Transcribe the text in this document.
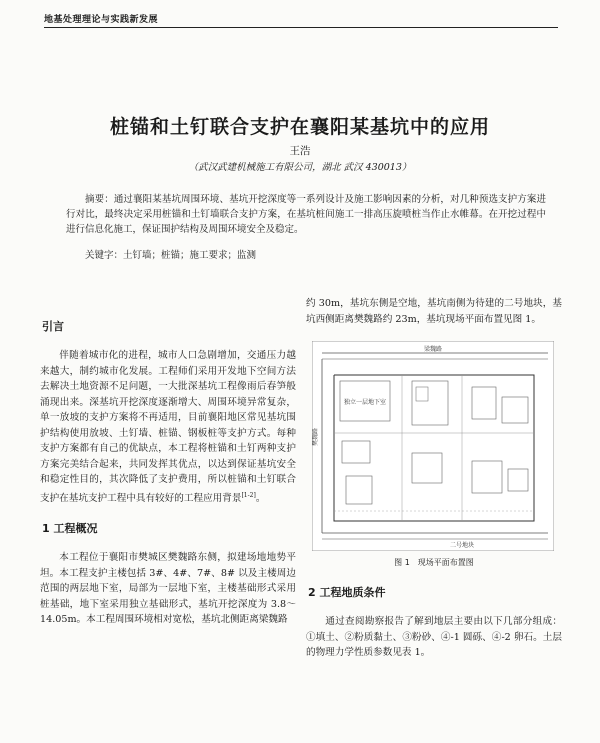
地基处理理论与实践新发展
桩锚和土钉联合支护在襄阳某基坑中的应用
王浩
（武汉武建机械施工有限公司，湖北 武汉 430013）

摘要：通过襄阳某基坑周围环境、基坑开挖深度等一系列设计及施工影响因素的分析，对几种预选支护方案进行对比，最终决定采用桩锚和土钉墙联合支护方案，在基坑桩间施工一排高压旋喷桩当作止水帷幕。在开挖过程中进行信息化施工，保证围护结构及周围环境安全及稳定。

关键字：土钉墙；桩锚；施工要求；监测

引言

伴随着城市化的进程，城市人口急剧增加，交通压力越来越大，制约城市化发展。工程师们采用开发地下空间方法去解决土地资源不足问题，一大批深基坑工程像雨后春笋般涌现出来。深基坑开挖深度逐渐增大、周围环境异常复杂，单一放坡的支护方案将不再适用，目前襄阳地区常见基坑围护结构使用放坡、土钉墙、桩锚、钢板桩等支护方式。每种支护方案都有自己的优缺点，本工程将桩锚和土钉两种支护方案完美结合起来，共同发挥其优点，以达到保证基坑安全和稳定性目的，其次降低了支护费用，所以桩锚和土钉联合支护在基坑支护工程中具有较好的工程应用背景[1-2]。

1 工程概况

本工程位于襄阳市樊城区樊魏路东侧，拟建场地地势平坦。本工程支护主楼包括 3#、4#、7#、8# 以及主楼周边范围的两层地下室，局部为一层地下室，主楼基础形式采用桩基础，地下室采用独立基础形式，基坑开挖深度为 3.8～14.05m。本工程周围环境相对宽松，基坑北侧距离梁魏路

约 30m，基坑东侧是空地，基坑南侧为待建的二号地块，基坑西侧距离樊魏路约 23m，基坑现场平面布置见图 1。

梁魏路
樊魏路
二号地块
独立一层地下室
图 1　现场平面布置图
2 工程地质条件

通过查阅勘察报告了解到地层主要由以下几部分组成：①填土、②粉质黏土、③粉砂、④-1 圆砾、④-2 卵石。土层的物理力学性质参数见表 1。
